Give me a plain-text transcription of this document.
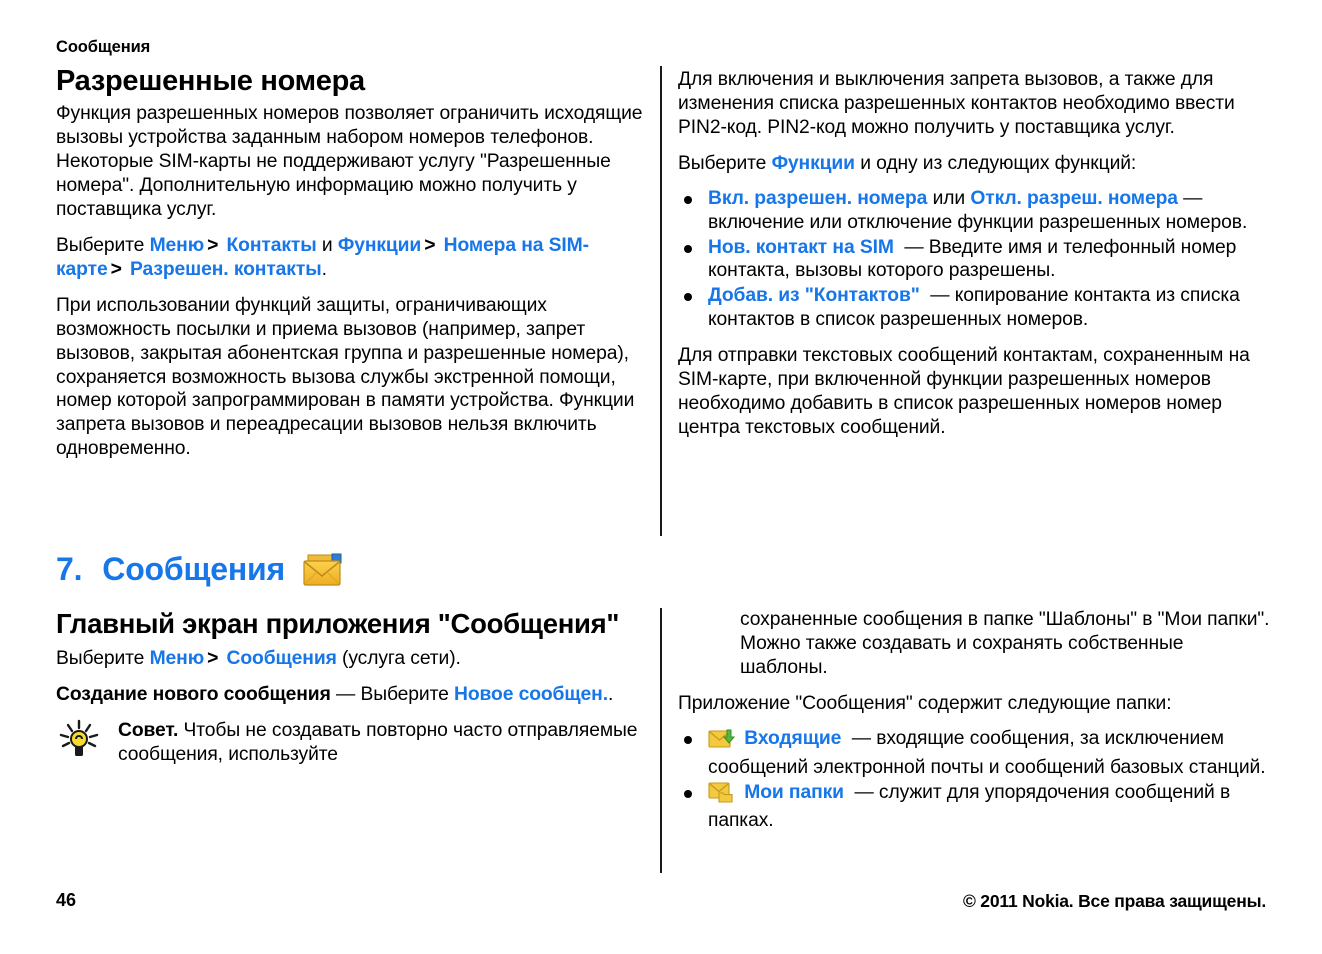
Сообщения
Разрешенные номера

Функция разрешенных номеров позволяет ограничить исходящие вызовы устройства заданным набором номеров телефонов. Некоторые SIM-карты не поддерживают услугу "Разрешенные номера". Дополнительную информацию можно получить у поставщика услуг.

Выберите Меню > Контакты и Функции > Номера на SIM-карте > Разрешен. контакты.

При использовании функций защиты, ограничивающих возможность посылки и приема вызовов (например, запрет вызовов, закрытая абонентская группа и разрешенные номера), сохраняется возможность вызова службы экстренной помощи, номер которой запрограммирован в памяти устройства. Функции запрета вызовов и переадресации вызовов нельзя включить одновременно.

Для включения и выключения запрета вызовов, а также для изменения списка разрешенных контактов необходимо ввести PIN2-код. PIN2-код можно получить у поставщика услуг.

Выберите Функции и одну из следующих функций:

Вкл. разрешен. номера или Откл. разреш. номера — включение или отключение функции разрешенных номеров.
Нов. контакт на SIM — Введите имя и телефонный номер контакта, вызовы которого разрешены.
Добав. из "Контактов" — копирование контакта из списка контактов в список разрешенных номеров.

Для отправки текстовых сообщений контактам, сохраненным на SIM-карте, при включенной функции разрешенных номеров необходимо добавить в список разрешенных номеров номер центра текстовых сообщений.

7. Сообщения
Главный экран приложения "Сообщения"

Выберите Меню > Сообщения (услуга сети).

Создание нового сообщения — Выберите Новое сообщен..

Совет. Чтобы не создавать повторно часто отправляемые сообщения, используйте

сохраненные сообщения в папке "Шаблоны" в "Мои папки". Можно также создавать и сохранять собственные шаблоны.

Приложение "Сообщения" содержит следующие папки:

Входящие — входящие сообщения, за исключением сообщений электронной почты и сообщений базовых станций.
Мои папки — служит для упорядочения сообщений в папках.
46	© 2011 Nokia. Все права защищены.
